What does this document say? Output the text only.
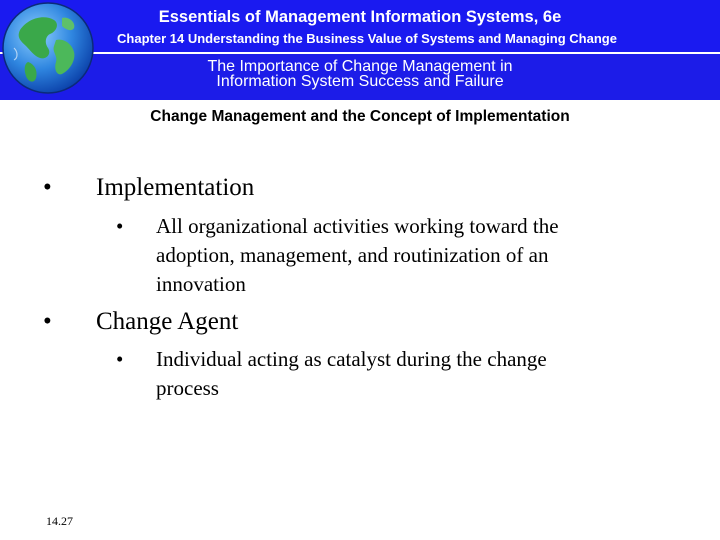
Essentials of Management Information Systems, 6e
Chapter 14 Understanding the Business Value of Systems and Managing Change
The Importance of Change Management in
Information System Success and Failure
Change Management and the Concept of Implementation
• Implementation
• All organizational activities working toward the
adoption, management, and routinization of an
innovation
• Change Agent
• Individual acting as catalyst during the change
process
14.27
